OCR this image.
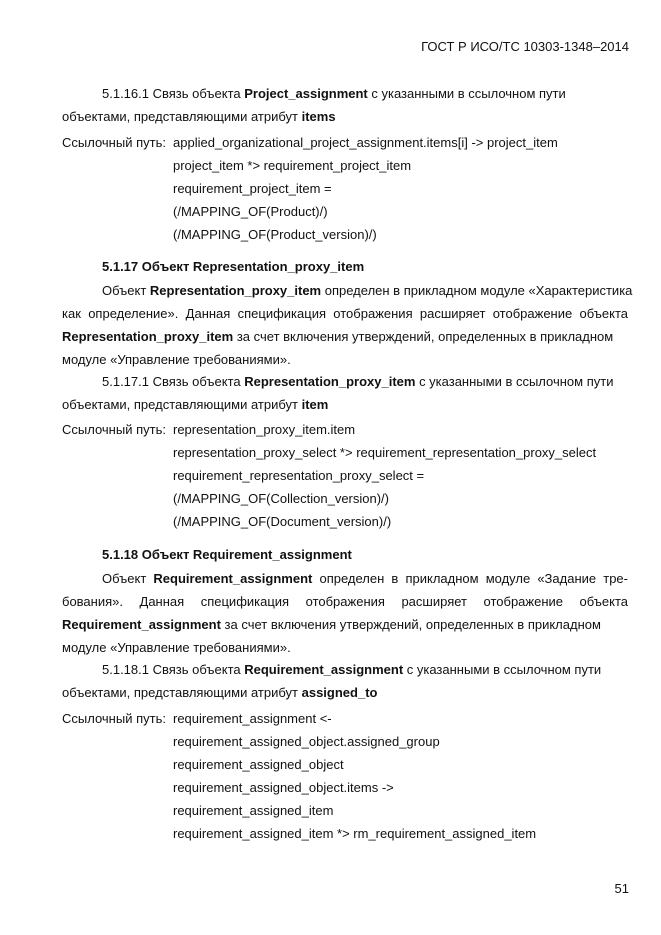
ГОСТ Р ИСО/ТС 10303-1348–2014
5.1.16.1 Связь объекта Project_assignment с указанными в ссылочном пути
объектами, представляющими атрибут items
Ссылочный путь: applied_organizational_project_assignment.items[i] -> project_item
project_item *> requirement_project_item
requirement_project_item =
(/MAPPING_OF(Product)/)
(/MAPPING_OF(Product_version)/)
5.1.17 Объект Representation_proxy_item
Объект Representation_proxy_item определен в прикладном модуле «Характеристика
как определение». Данная спецификация отображения расширяет отображение объекта
Representation_proxy_item за счет включения утверждений, определенных в прикладном
модуле «Управление требованиями».
5.1.17.1 Связь объекта Representation_proxy_item с указанными в ссылочном пути
объектами, представляющими атрибут item
Ссылочный путь: representation_proxy_item.item
representation_proxy_select *> requirement_representation_proxy_select
requirement_representation_proxy_select =
(/MAPPING_OF(Collection_version)/)
(/MAPPING_OF(Document_version)/)
5.1.18 Объект Requirement_assignment
Объект Requirement_assignment определен в прикладном модуле «Задание тре-
бования». Данная спецификация отображения расширяет отображение объекта
Requirement_assignment за счет включения утверждений, определенных в прикладном
модуле «Управление требованиями».
5.1.18.1 Связь объекта Requirement_assignment с указанными в ссылочном пути
объектами, представляющими атрибут assigned_to
Ссылочный путь: requirement_assignment <-
requirement_assigned_object.assigned_group
requirement_assigned_object
requirement_assigned_object.items ->
requirement_assigned_item
requirement_assigned_item *> rm_requirement_assigned_item
51
